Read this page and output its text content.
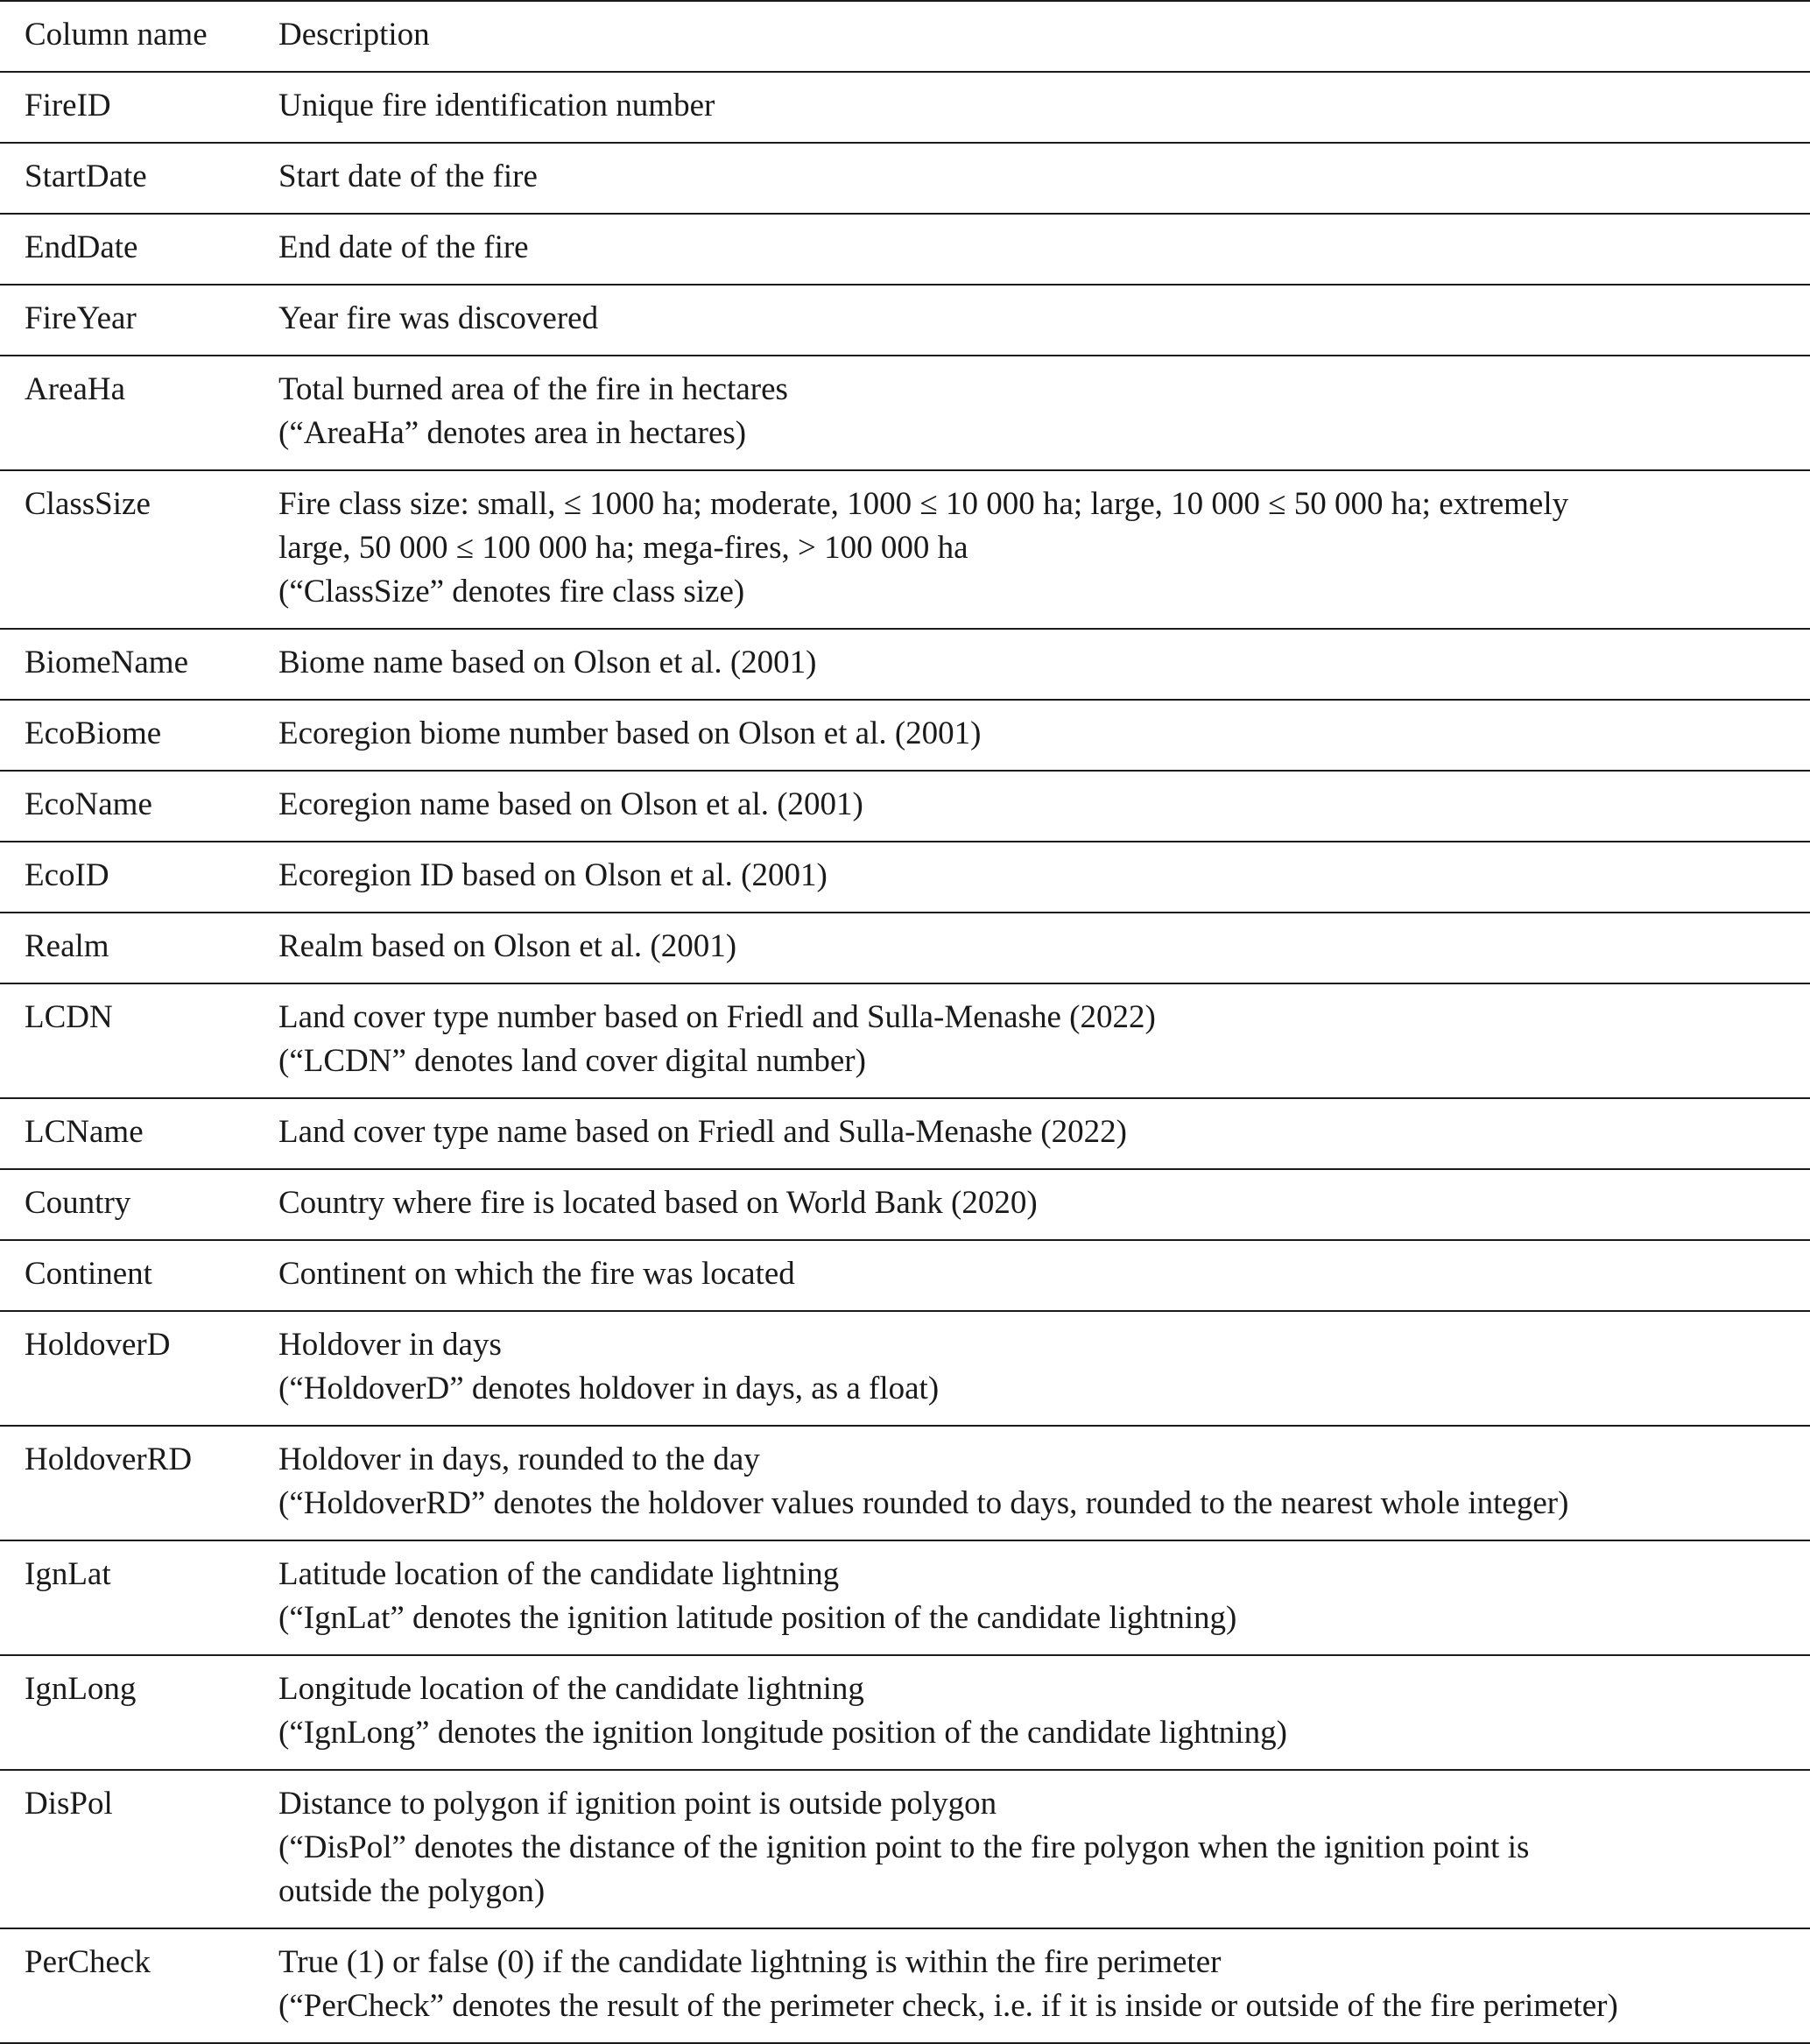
Column name	Description
FireID	Unique fire identification number

StartDate	Start date of the fire

EndDate	End date of the fire

FireYear	Year fire was discovered

AreaHa	Total burned area of the fire in hectares
(“AreaHa” denotes area in hectares)

ClassSize	Fire class size: small, ≤ 1000 ha; moderate, 1000 ≤ 10 000 ha; large, 10 000 ≤ 50 000 ha; extremely
large, 50 000 ≤ 100 000 ha; mega-fires, > 100 000 ha
(“ClassSize” denotes fire class size)

BiomeName	Biome name based on Olson et al. (2001)

EcoBiome	Ecoregion biome number based on Olson et al. (2001)

EcoName	Ecoregion name based on Olson et al. (2001)

EcoID	Ecoregion ID based on Olson et al. (2001)

Realm	Realm based on Olson et al. (2001)

LCDN	Land cover type number based on Friedl and Sulla-Menashe (2022)
(“LCDN” denotes land cover digital number)

LCName	Land cover type name based on Friedl and Sulla-Menashe (2022)

Country	Country where fire is located based on World Bank (2020)

Continent	Continent on which the fire was located

HoldoverD	Holdover in days
(“HoldoverD” denotes holdover in days, as a float)

HoldoverRD	Holdover in days, rounded to the day
(“HoldoverRD” denotes the holdover values rounded to days, rounded to the nearest whole integer)

IgnLat	Latitude location of the candidate lightning
(“IgnLat” denotes the ignition latitude position of the candidate lightning)

IgnLong	Longitude location of the candidate lightning
(“IgnLong” denotes the ignition longitude position of the candidate lightning)

DisPol	Distance to polygon if ignition point is outside polygon
(“DisPol” denotes the distance of the ignition point to the fire polygon when the ignition point is
outside the polygon)

PerCheck	True (1) or false (0) if the candidate lightning is within the fire perimeter
(“PerCheck” denotes the result of the perimeter check, i.e. if it is inside or outside of the fire perimeter)
